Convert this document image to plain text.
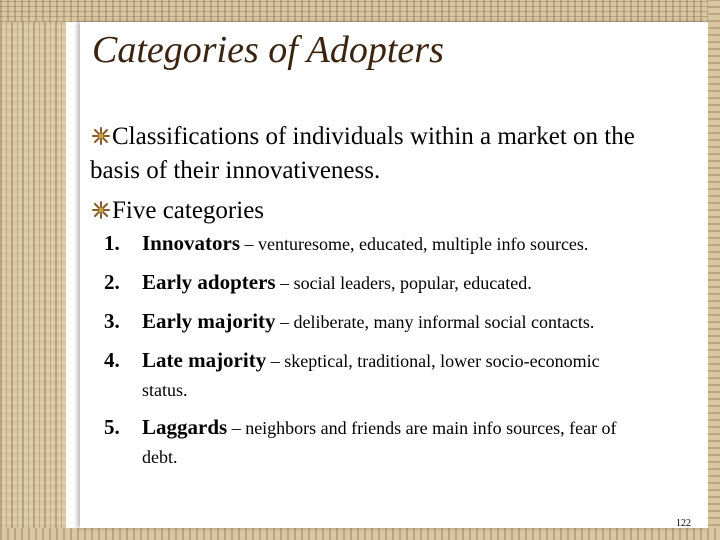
Categories of Adopters
Classifications of individuals within a market on the
basis of their innovativeness.
Five categories
1. Innovators – venturesome, educated, multiple info sources.
2. Early adopters – social leaders, popular, educated.
3. Early majority – deliberate, many informal social contacts.
4. Late majority – skeptical, traditional, lower socio-economic
status.
5. Laggards – neighbors and friends are main info sources, fear of
debt.
122
